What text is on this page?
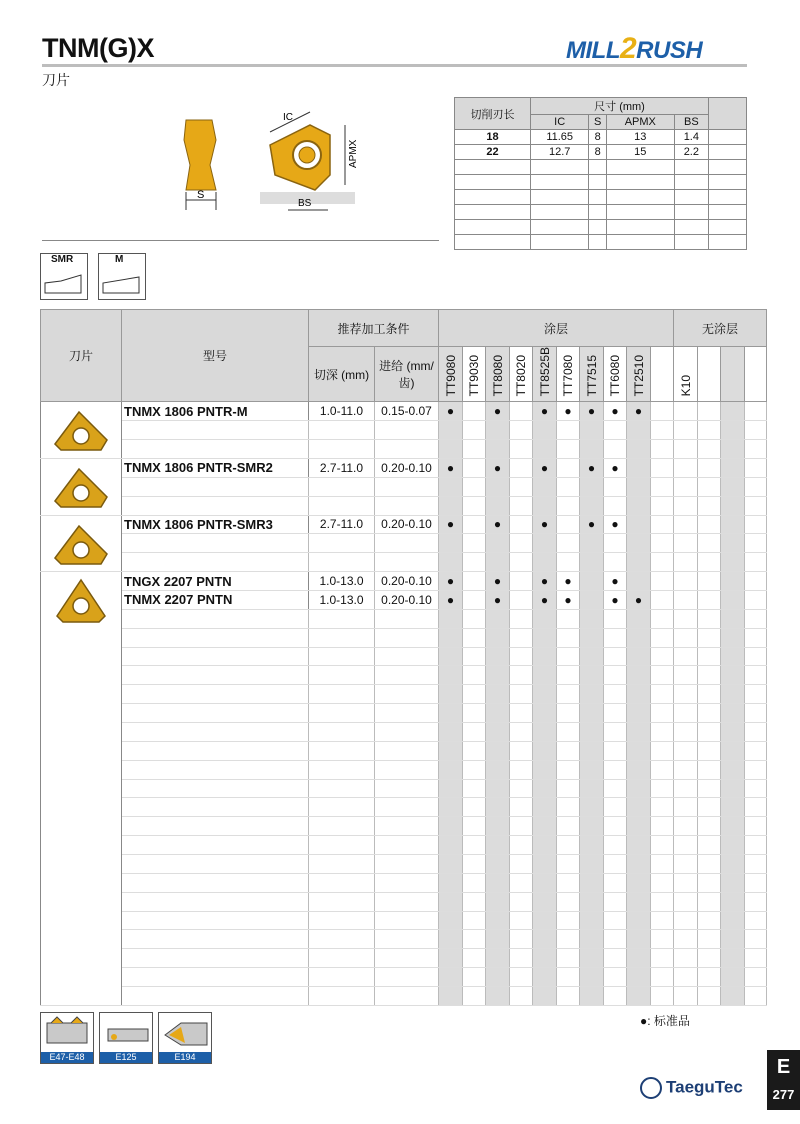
TNM(G)X
刀片
MILL2RUSH
S
IC
APMX
BS
切削刃长	尺寸 (mm)				
	IC	S	APMX	BS	
18	11.65	8	13	1.4	
22	12.7	8	15	2.2	

SMR	M
刀片	型号	推荐加工条件		涂层										无涂层			
		切深 (mm)	进给 (mm/齿)	TT9080	TT9030	TT8080	TT8020	TT8525B	TT7080	TT7515	TT6080	TT2510		K10			

	TNMX 1806 PNTR-M	1.0-11.0	0.15-0.07	●		●		●	●	●	●	●					

	TNMX 1806 PNTR-SMR2	2.7-11.0	0.20-0.10	●		●		●		●	●						

	TNMX 1806 PNTR-SMR3	2.7-11.0	0.20-0.10	●		●		●		●	●						

	TNGX 2207 PNTN	1.0-13.0	0.20-0.10	●		●		●	●		●						
	TNMX 2207 PNTN	1.0-13.0	0.20-0.10	●		●		●	●		●	●					

E47-E48	E125	E194
●: 标准品
TaeguTec
E
277
